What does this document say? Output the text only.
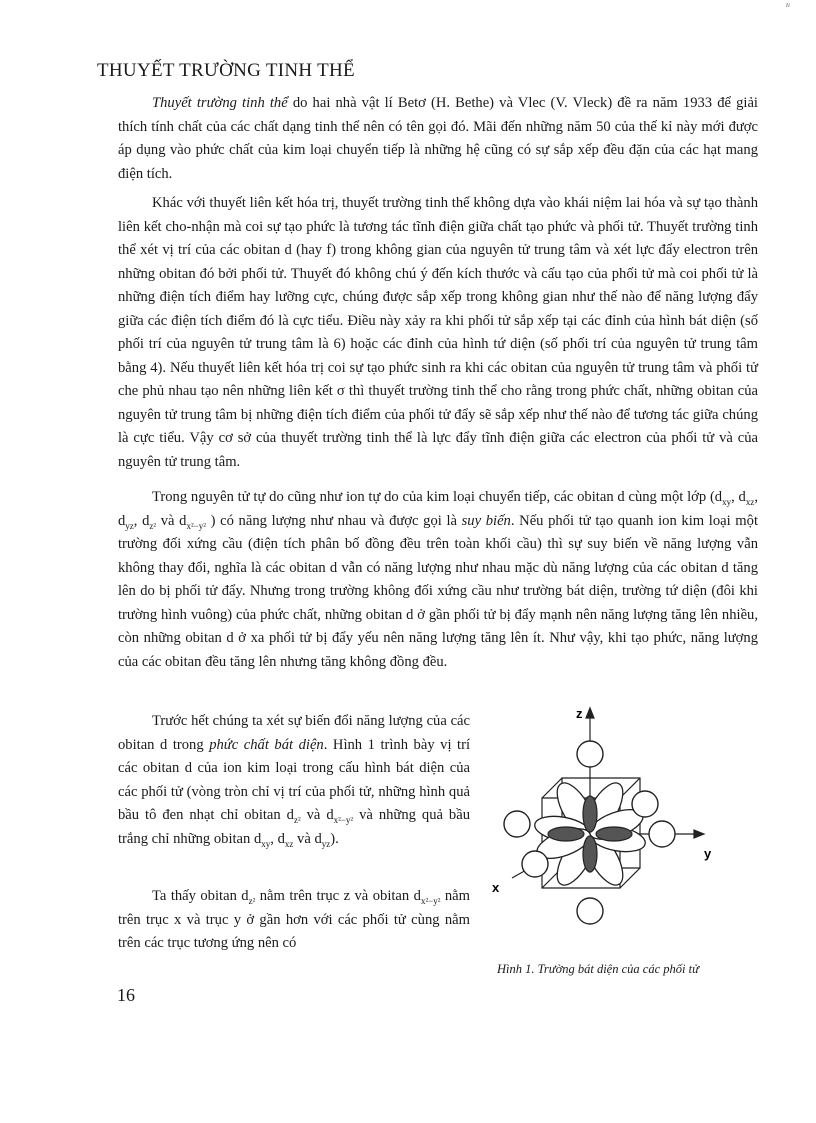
ₗᵢ
THUYẾT TRƯỜNG TINH THỂ

Thuyết trường tinh thể do hai nhà vật lí Betơ (H. Bethe) và Vlec (V. Vleck) đề ra năm 1933 để giải thích tính chất của các chất dạng tinh thể nên có tên gọi đó. Mãi đến những năm 50 của thế kỉ này mới được áp dụng vào phức chất của kim loại chuyển tiếp là những hệ cũng có sự sắp xếp đều đặn của các hạt mang điện tích.

Khác với thuyết liên kết hóa trị, thuyết trường tinh thể không dựa vào khái niệm lai hóa và sự tạo thành liên kết cho-nhận mà coi sự tạo phức là tương tác tĩnh điện giữa chất tạo phức và phối tử. Thuyết trường tinh thể xét vị trí của các obitan d (hay f) trong không gian của nguyên tử trung tâm và xét lực đẩy electron trên những obitan đó bởi phối tử. Thuyết đó không chú ý đến kích thước và cấu tạo của phối tử mà coi phối tử là những điện tích điểm hay lưỡng cực, chúng được sắp xếp trong không gian như thế nào để năng lượng đẩy giữa các điện tích điểm đó là cực tiểu. Điều này xảy ra khi phối tử sắp xếp tại các đỉnh của hình bát diện (số phối trí của nguyên tử trung tâm là 6) hoặc các đỉnh của hình tứ diện (số phối trí của nguyên tử trung tâm bằng 4). Nếu thuyết liên kết hóa trị coi sự tạo phức sinh ra khi các obitan của nguyên tử trung tâm và phối tử che phủ nhau tạo nên những liên kết σ thì thuyết trường tinh thể cho rằng trong phức chất, những obitan của nguyên tử trung tâm bị những điện tích điểm của phối tử đẩy sẽ sắp xếp như thế nào để tương tác giữa chúng là cực tiểu. Vậy cơ sở của thuyết trường tinh thể là lực đẩy tĩnh điện giữa các electron của phối tử và của nguyên tử trung tâm.

Trong nguyên tử tự do cũng như ion tự do của kim loại chuyển tiếp, các obitan d cùng một lớp ($d_{xy}$, $d_{xz}$, $d_{yz}$, $d_{z^2}$ và $d_{x^2-y^2}$ ) có năng lượng như nhau và được gọi là suy biến. Nếu phối tử tạo quanh ion kim loại một trường đối xứng cầu (điện tích phân bố đồng đều trên toàn khối cầu) thì sự suy biến về năng lượng vẫn không thay đổi, nghĩa là các obitan d vẫn có năng lượng như nhau mặc dù năng lượng của các obitan d tăng lên do bị phối tử đẩy. Nhưng trong trường không đối xứng cầu như trường bát diện, trường tứ diện (đôi khi trường hình vuông) của phức chất, những obitan d ở gần phối tử bị đẩy mạnh nên năng lượng tăng lên nhiều, còn những obitan d ở xa phối tử bị đẩy yếu nên năng lượng tăng lên ít. Như vậy, khi tạo phức, năng lượng của các obitan đều tăng lên nhưng tăng không đồng đều.

Trước hết chúng ta xét sự biến đổi năng lượng của các obitan d trong phức chất bát diện. Hình 1 trình bày vị trí các obitan d của ion kim loại trong cấu hình bát diện của các phối tử (vòng tròn chỉ vị trí của phối tử, những hình quả bầu tô đen nhạt chỉ obitan $d_{z^2}$ và $d_{x^2-y^2}$ và những quả bầu trắng chỉ những obitan $d_{xy}$, $d_{xz}$ và $d_{yz}$).

Ta thấy obitan $d_{z^2}$ nằm trên trục z và obitan $d_{x^2-y^2}$ nằm trên trục x và trục y ở gần hơn với các phối tử cùng nằm trên các trục tương ứng nên có

z
y
x
Hình 1. Trường bát diện của các phối tử
16
